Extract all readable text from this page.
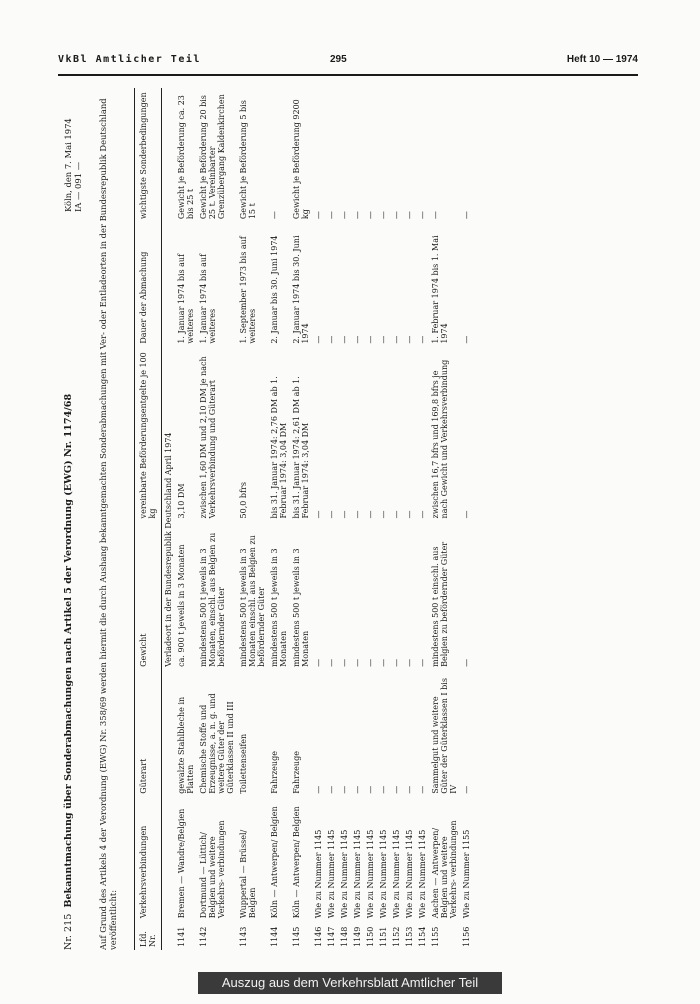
VkBl Amtlicher Teil	295	Heft 10 — 1974
Nr. 215Bekanntmachung über Sonderabmachungen nach Artikel 5 der Verordnung (EWG) Nr. 1174/68
Köln, den 7. Mai 1974 IA — 091 — Auf Grund des Artikels 4 der Verordnung (EWG) Nr. 358/69 werden hiermit die durch Aushang bekanntgemachten Sonderabmachungen mit Ver- oder Entladeorten in der Bundesrepublik Deutschland veröffentlicht:	Lfd. Nr.	Verkehrsverbindungen	Güterart	Gewicht	vereinbarte Beförderungsentgelte je 100 kg	Dauer der Abmachung	wichtigste Sonderbedingungen
			Verladeort in der Bundesrepublik Deutschland April 1974			
1141	Bremen — Wandre/Belgien	gewalzte Stahlbleche in Platten	ca. 900 t jeweils in 3 Monaten	3,10 DM	1. Januar 1974 bis auf weiteres	Gewicht je Beförderung ca. 23 bis 25 t
1142	Dortmund — Lüttich/ Belgien und weitere Verkehrs- verbindungen	Chemische Stoffe und Erzeugnisse, a. n. g. und weitere Güter der Güterklassen II und III	mindestens 500 t jeweils in 3 Monaten, einschl. aus Belgien zu befördernder Güter	zwischen 1,60 DM und 2,10 DM je nach Verkehrsverbindung und Güterart	1. Januar 1974 bis auf weiteres	Gewicht je Beförderung 20 bis 25 t. Vereinbarter Grenzübergang Kaldenkirchen
1143	Wuppertal — Brüssel/ Belgien	Toilettenseifen	mindestens 500 t jeweils in 3 Monaten einschl. aus Belgien zu befördernder Güter	50,0 bfrs	1. September 1973 bis auf weiteres	Gewicht je Beförderung 5 bis 15 t
1144	Köln — Antwerpen/ Belgien	Fahrzeuge	mindestens 500 t jeweils in 3 Monaten	bis 31. Januar 1974: 2,76 DM ab 1. Februar 1974: 3,04 DM	2. Januar bis 30. Juni 1974	—
1145	Köln — Antwerpen/ Belgien	Fahrzeuge	mindestens 500 t jeweils in 3 Monaten	bis 31. Januar 1974: 2,61 DM ab 1. Februar 1974: 3,04 DM	2. Januar 1974 bis 30. Juni 1974	Gewicht je Beförderung 9200 kg
1146	Wie zu Nummer 1145	—	—	—	—	—
1147	Wie zu Nummer 1145	—	—	—	—	—
1148	Wie zu Nummer 1145	—	—	—	—	—
1149	Wie zu Nummer 1145	—	—	—	—	—
1150	Wie zu Nummer 1145	—	—	—	—	—
1151	Wie zu Nummer 1145	—	—	—	—	—
1152	Wie zu Nummer 1145	—	—	—	—	—
1153	Wie zu Nummer 1145	—	—	—	—	—
1154	Wie zu Nummer 1145	—	—	—	—	—
1155	Aachen — Antwerpen/ Belgien und weitere Verkehrs- verbindungen	Sammelgut und weitere Güter der Güterklassen I bis IV	mindestens 500 t einschl. aus Belgien zu befördernder Güter	zwischen 16,7 bfrs und 169,8 bfrs je nach Gewicht und Verkehrsverbindung	1. Februar 1974 bis 1. Mai 1974	—
1156	Wie zu Nummer 1155	—	—	—	—	—
Auszug aus dem Verkehrsblatt Amtlicher Teil
